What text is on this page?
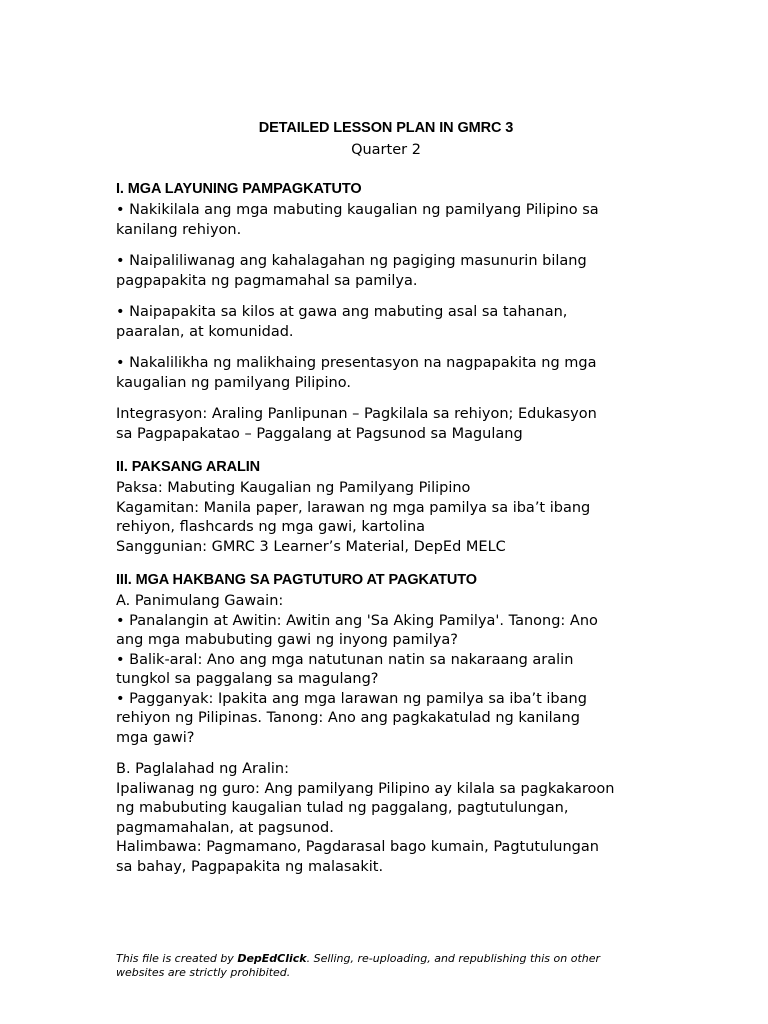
DETAILED LESSON PLAN IN GMRC 3

Quarter 2

I. MGA LAYUNING PAMPAGKATUTO

• Nakikilala ang mga mabuting kaugalian ng pamilyang Pilipino sa
kanilang rehiyon.

• Naipaliliwanag ang kahalagahan ng pagiging masunurin bilang
pagpapakita ng pagmamahal sa pamilya.

• Naipapakita sa kilos at gawa ang mabuting asal sa tahanan,
paaralan, at komunidad.

• Nakalilikha ng malikhaing presentasyon na nagpapakita ng mga
kaugalian ng pamilyang Pilipino.

Integrasyon: Araling Panlipunan – Pagkilala sa rehiyon; Edukasyon
sa Pagpapakatao – Paggalang at Pagsunod sa Magulang

II. PAKSANG ARALIN

Paksa: Mabuting Kaugalian ng Pamilyang Pilipino
Kagamitan: Manila paper, larawan ng mga pamilya sa iba’t ibang
rehiyon, flashcards ng mga gawi, kartolina
Sanggunian: GMRC 3 Learner’s Material, DepEd MELC

III. MGA HAKBANG SA PAGTUTURO AT PAGKATUTO

A. Panimulang Gawain:
• Panalangin at Awitin: Awitin ang 'Sa Aking Pamilya'. Tanong: Ano
ang mga mabubuting gawi ng inyong pamilya?
• Balik-aral: Ano ang mga natutunan natin sa nakaraang aralin
tungkol sa paggalang sa magulang?
• Pagganyak: Ipakita ang mga larawan ng pamilya sa iba’t ibang
rehiyon ng Pilipinas. Tanong: Ano ang pagkakatulad ng kanilang
mga gawi?

B. Paglalahad ng Aralin:
Ipaliwanag ng guro: Ang pamilyang Pilipino ay kilala sa pagkakaroon
ng mabubuting kaugalian tulad ng paggalang, pagtutulungan,
pagmamahalan, at pagsunod.
Halimbawa: Pagmamano, Pagdarasal bago kumain, Pagtutulungan
sa bahay, Pagpapakita ng malasakit.

This file is created by DepEdClick. Selling, re-uploading, and republishing this on other
websites are strictly prohibited.
